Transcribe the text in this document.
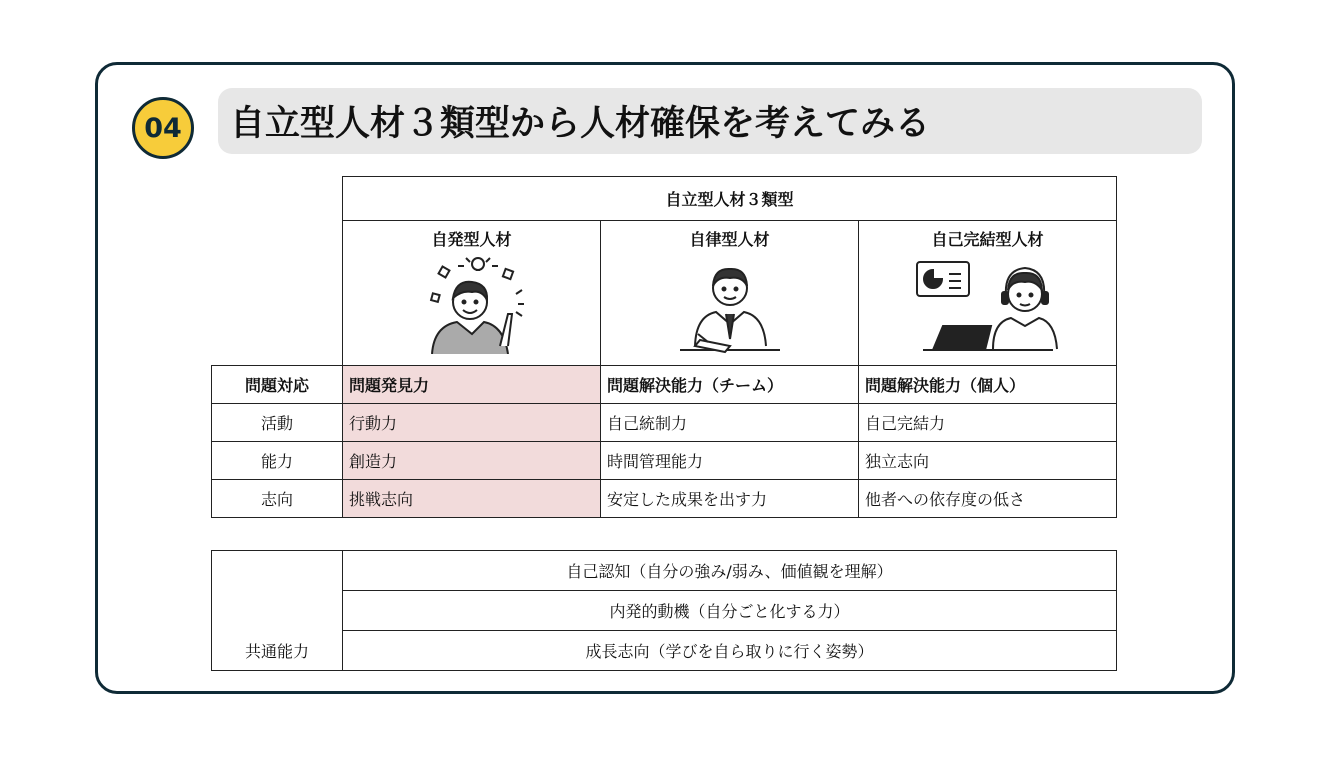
04	自立型人材３類型から人材確保を考えてみる
	自立型人材３類型		

	自発型人材	自律型人材	自己完結型人材

問題対応	問題発見力	問題解決能力（チーム）	問題解決能力（個人）
活動	行動力	自己統制力	自己完結力
能力	創造力	時間管理能力	独立志向
志向	挑戦志向	安定した成果を出す力	他者への依存度の低さ
共通能力	自己認知（自分の強み/弱み、価値観を理解）
内発的動機（自分ごと化する力）
成長志向（学びを自ら取りに行く姿勢）
